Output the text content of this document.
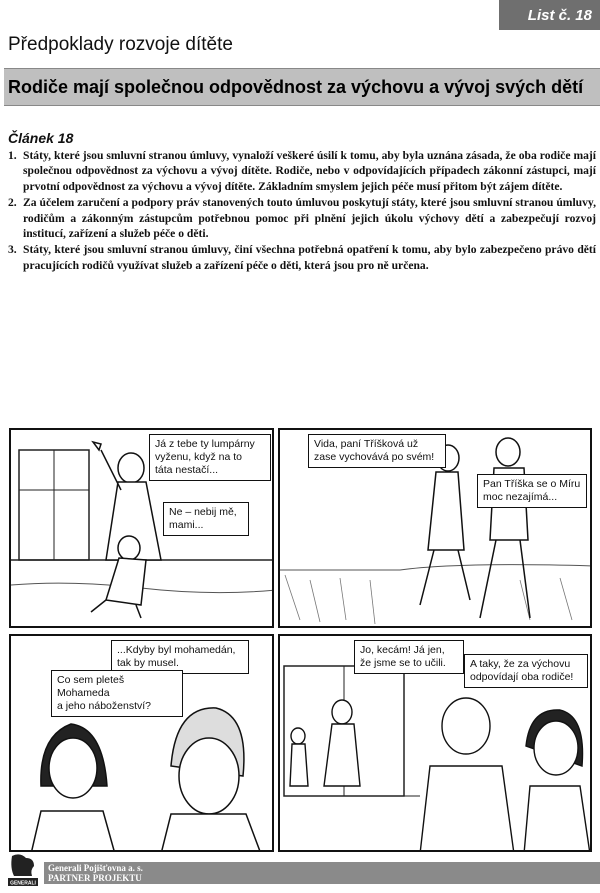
List č. 18
Předpoklady rozvoje dítěte
Rodiče mají společnou odpovědnost za výchovu a vývoj svých dětí
Článek 18
1. Státy, které jsou smluvní stranou úmluvy, vynaloží veškeré úsilí k tomu, aby byla uznána zásada, že oba rodiče mají společnou odpovědnost za výchovu a vývoj dítěte. Rodiče, nebo v odpovídajících případech zákonní zástupci, mají prvotní odpovědnost za výchovu a vývoj dítěte. Základním smyslem jejich péče musí přitom být zájem dítěte.
2. Za účelem zaručení a podpory práv stanovených touto úmluvou poskytují státy, které jsou smluvní stranou úmluvy, rodičům a zákonným zástupcům potřebnou pomoc při plnění jejich úkolu výchovy dětí a zabezpečují rozvoj institucí, zařízení a služeb péče o děti.
3. Státy, které jsou smluvní stranou úmluvy, činí všechna potřebná opatření k tomu, aby bylo zabezpečeno právo dětí pracujících rodičů využívat služeb a zařízení péče o děti, která jsou pro ně určena.
Já z tebe ty lumpárny
vyženu, když na to
táta nestačí...
Ne – nebij mě,
mami...
Vida, paní Tříšková už
zase vychovává po svém!
Pan Tříška se o Míru
moc nezajímá...
...Kdyby byl mohamedán,
tak by musel.
Co sem pleteš Mohameda
a jeho náboženství?
Jo, kecám! Já jen,
že jsme se to učili.	A taky, že za výchovu
odpovídají oba rodiče!
GENERALI
Generali Pojišťovna a. s.
PARTNER PROJEKTU
